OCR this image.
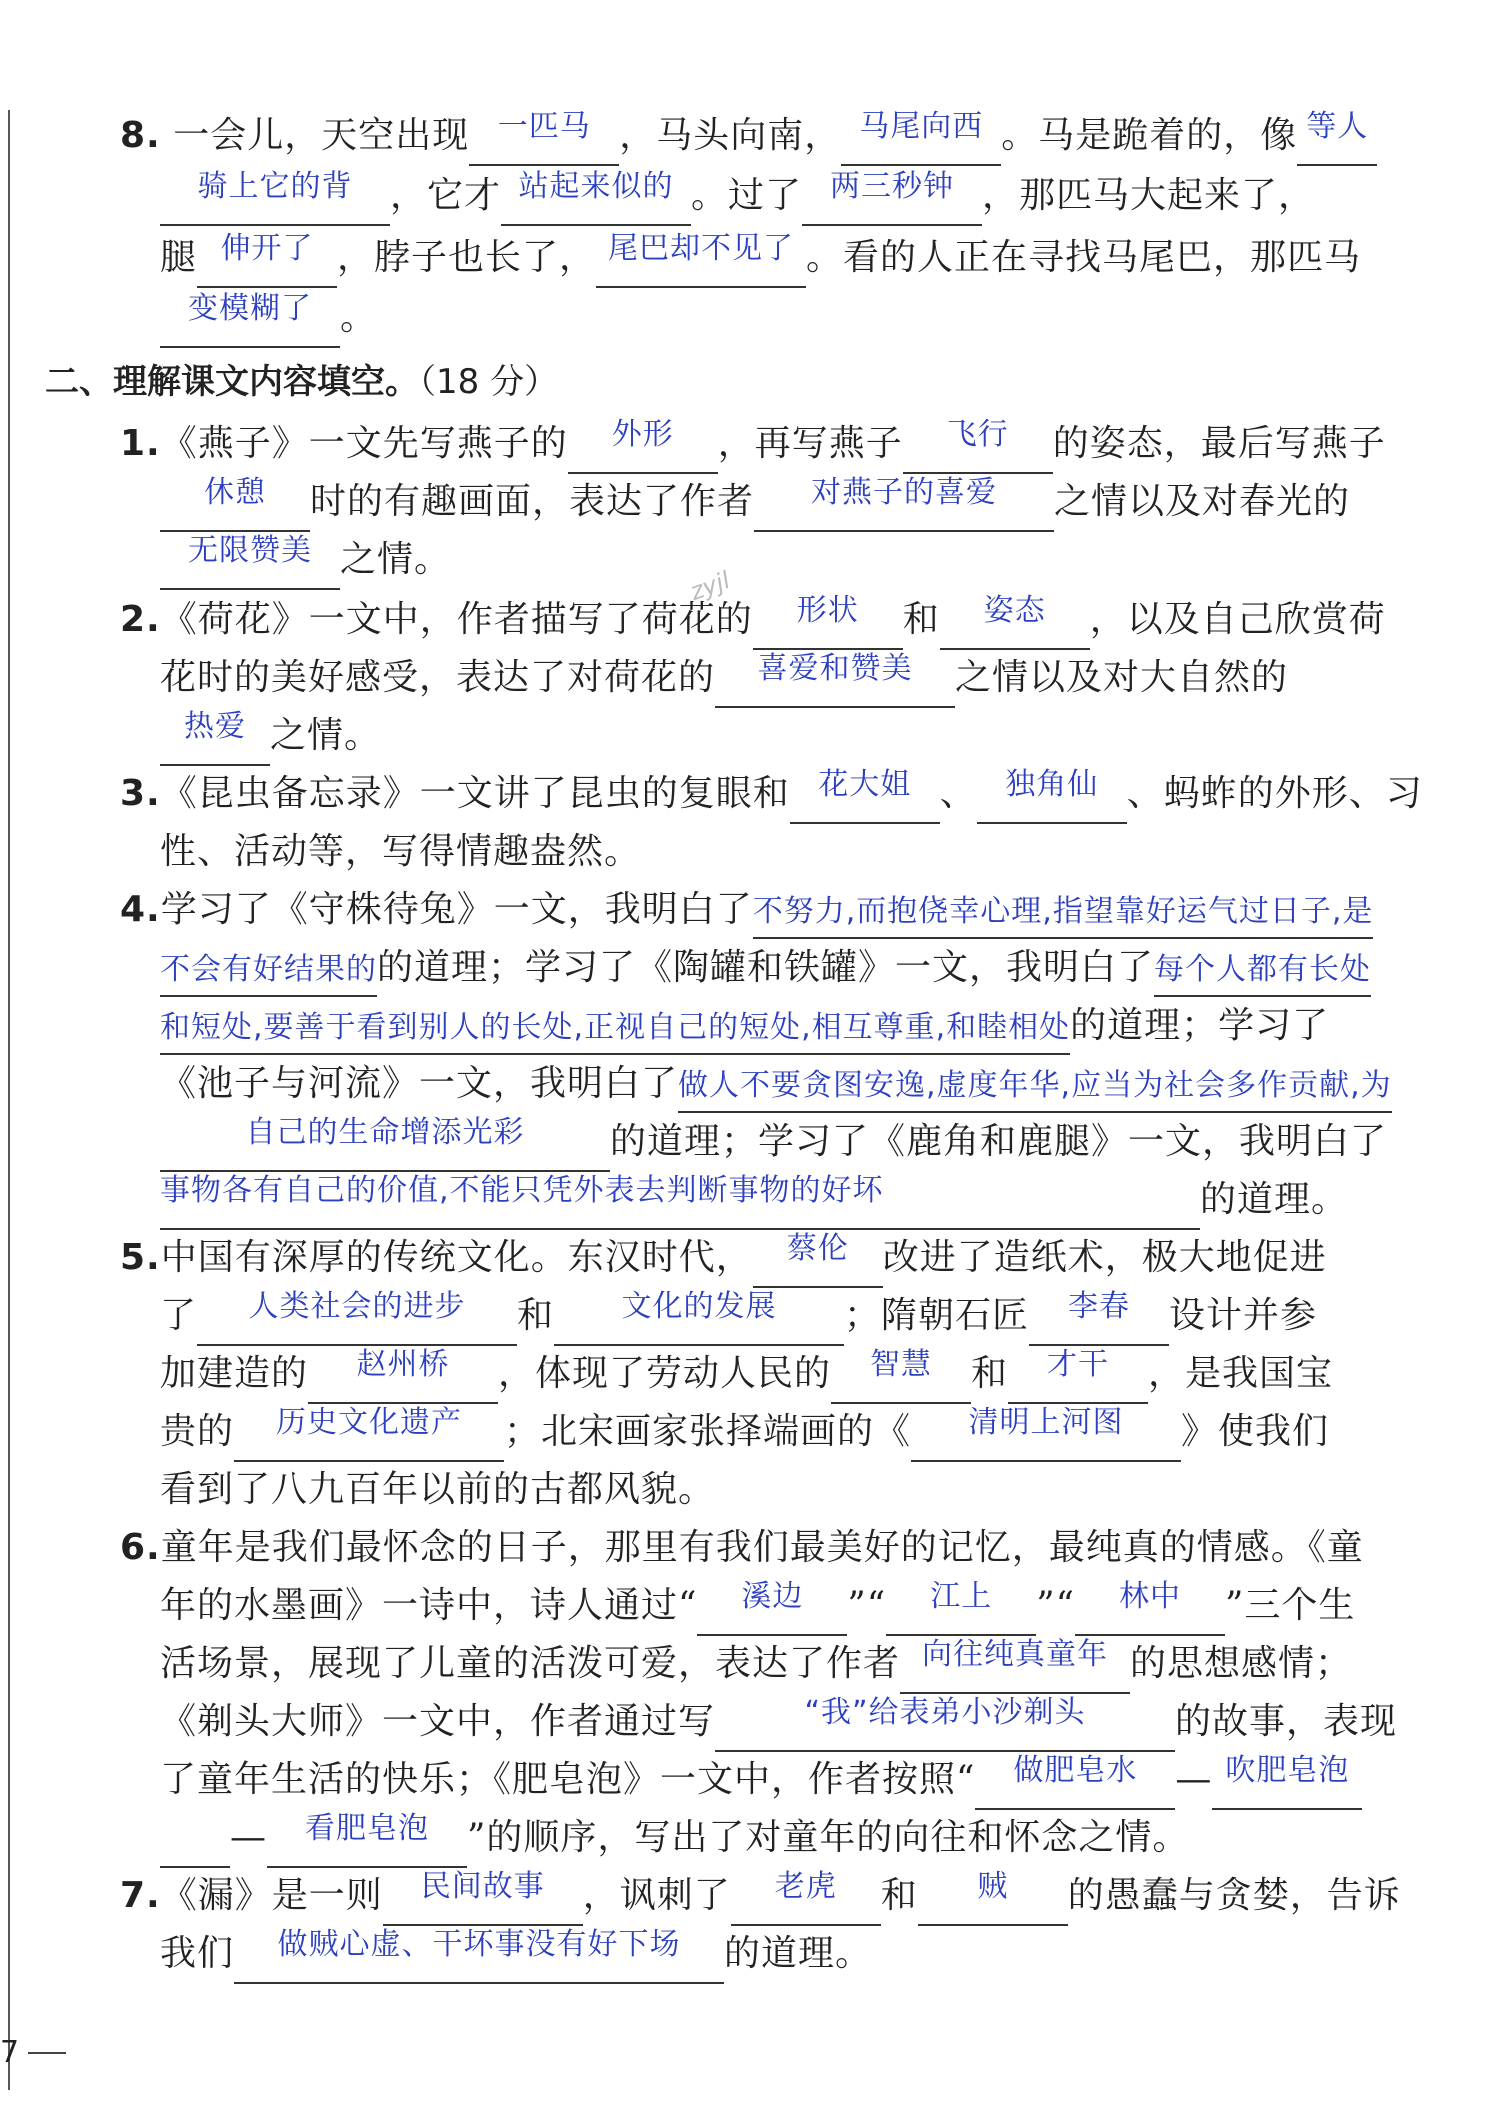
8. 一会儿，天空出现 一匹马 ，马头向南， 马尾向西 。马是跪着的，像 等人
骑上它的背	，它才 站起来似的 。过了 两三秒钟 ，那匹马大起来了，
腿 伸开了 ，脖子也长了， 尾巴却不见了 。看的人正在寻找马尾巴，那匹马
变模糊了 。
二、理解课文内容填空。（18 分）
1.《燕子》一文先写燕子的	外形	，再写燕子	飞行	的姿态，最后写燕子
休憩	时的有趣画面，表达了作者	对燕子的喜爱	之情以及对春光的
无限赞美 之情。
zyjl
2.《荷花》一文中，作者描写了荷花的	形状	和	姿态	，以及自己欣赏荷
花时的美好感受，表达了对荷花的	喜爱和赞美	之情以及对大自然的
热爱 之情。
3.《昆虫备忘录》一文讲了昆虫的复眼和 花大姐 、 独角仙 、蚂蚱的外形、习
性、活动等，写得情趣盎然。
4.学习了《守株待兔》一文，我明白了不努力,而抱侥幸心理,指望靠好运气过日子,是
不会有好结果的的道理；学习了《陶罐和铁罐》一文，我明白了每个人都有长处
和短处,要善于看到别人的长处,正视自己的短处,相互尊重,和睦相处的道理；学习了
《池子与河流》一文，我明白了做人不要贪图安逸,虚度年华,应当为社会多作贡献,为
自己的生命增添光彩	的道理；学习了《鹿角和鹿腿》一文，我明白了
事物各有自己的价值,不能只凭外表去判断事物的好坏	的道理。
5.中国有深厚的传统文化。东汉时代，	蔡伦 改进了造纸术，极大地促进
了	人类社会的进步	和	文化的发展	；隋朝石匠	李春	设计并参
加建造的	赵州桥	，体现了劳动人民的	智慧	和	才干	，是我国宝
贵的	历史文化遗产	；北宋画家张择端画的《	清明上河图	》使我们
看到了八九百年以前的古都风貌。
6.童年是我们最怀念的日子，那里有我们最美好的记忆，最纯真的情感。《童
年的水墨画》一诗中，诗人通过“	溪边	”“	江上	”“	林中	”三个生
活场景，展现了儿童的活泼可爱，表达了作者 向往纯真童年 的思想感情；
《剃头大师》一文中，作者通过写	“我”给表弟小沙剃头	的故事，表现
了童年生活的快乐；《肥皂泡》一文中，作者按照“	做肥皂水	— 吹肥皂泡
—	看肥皂泡	”的顺序，写出了对童年的向往和怀念之情。
7.《漏》是一则	民间故事	，讽刺了	老虎	和	贼	的愚蠢与贪婪，告诉
我们	做贼心虚、干坏事没有好下场	的道理。
7
